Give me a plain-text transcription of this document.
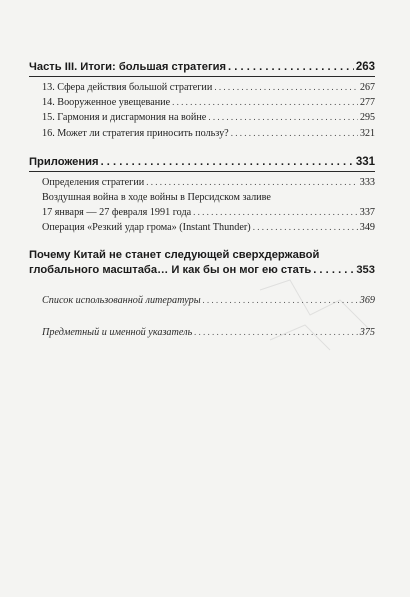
Часть III. Итоги: большая стратегия . . .	263
13. Сфера действия большой стратегии . . .	267
14. Вооруженное увещевание . . .	277
15. Гармония и дисгармония на войне . . .	295
16. Может ли стратегия приносить пользу? . . .	321
Приложения . . .	331
Определения стратегии . . .	333
Воздушная война в ходе войны в Персидском заливе
17 января — 27 февраля 1991 года . . .	337
Операция «Резкий удар грома» (Instant Thunder) . . .	349
Почему Китай не станет следующей сверхдержавой
глобального масштаба… И как бы он мог ею стать . . .	353
Список использованной литературы . . .	369
Предметный и именной указатель . . .	375
